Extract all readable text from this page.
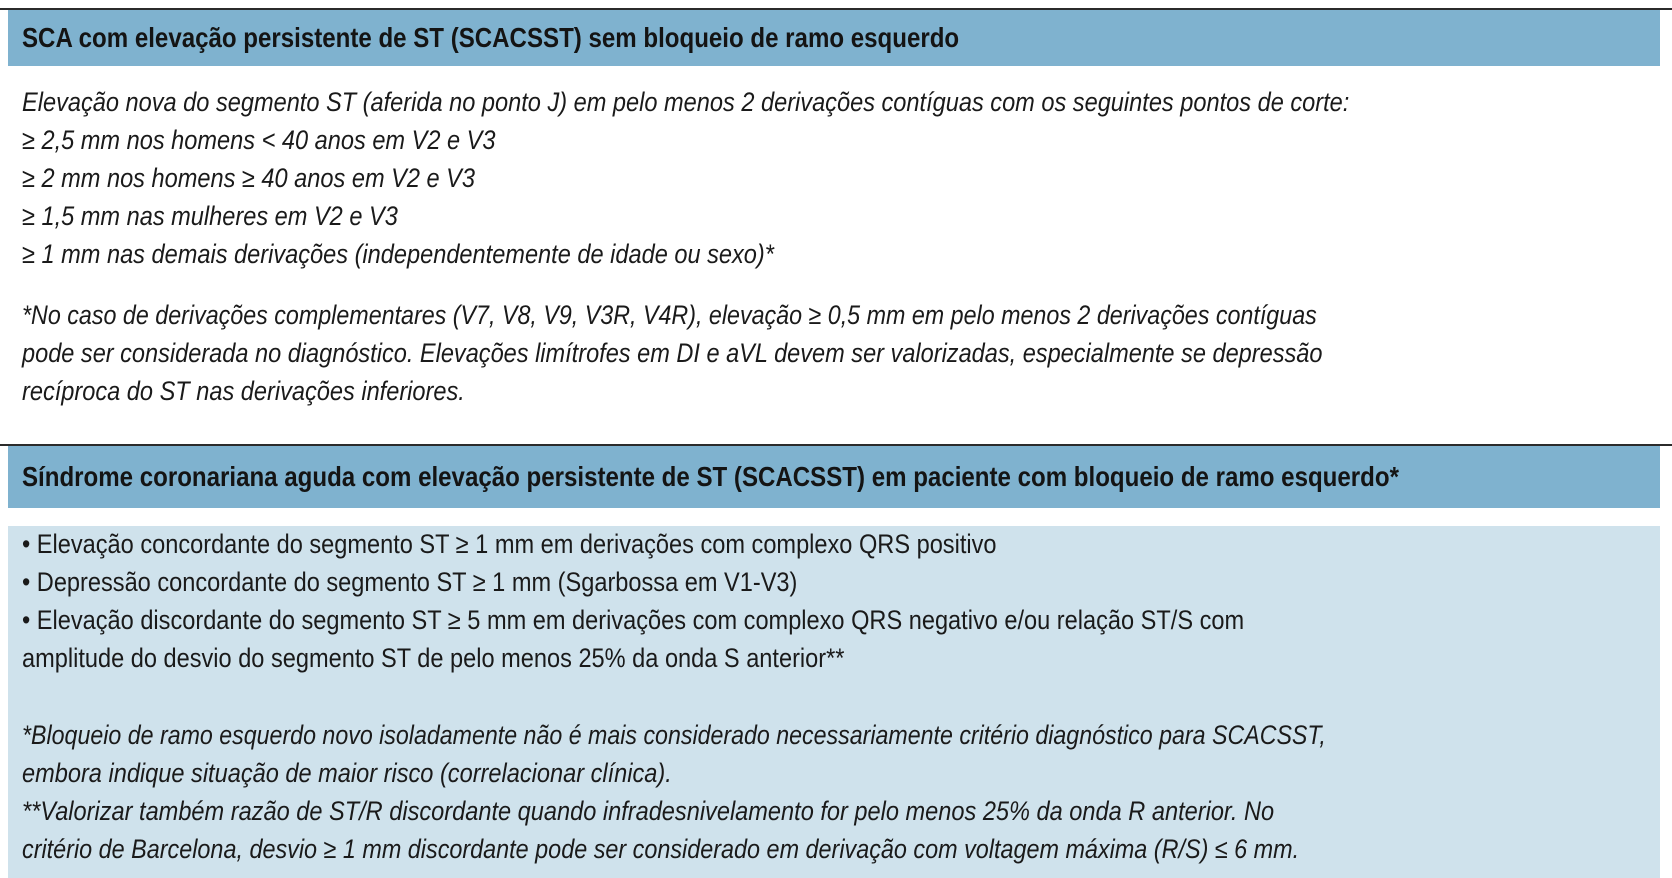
SCA com elevação persistente de ST (SCACSST) sem bloqueio de ramo esquerdo
Elevação nova do segmento ST (aferida no ponto J) em pelo menos 2 derivações contíguas com os seguintes pontos de corte:
≥ 2,5 mm nos homens < 40 anos em V2 e V3
≥ 2 mm nos homens ≥ 40 anos em V2 e V3
≥ 1,5 mm nas mulheres em V2 e V3
≥ 1 mm nas demais derivações (independentemente de idade ou sexo)*
*No caso de derivações complementares (V7, V8, V9, V3R, V4R), elevação ≥ 0,5 mm em pelo menos 2 derivações contíguas
pode ser considerada no diagnóstico. Elevações limítrofes em DI e aVL devem ser valorizadas, especialmente se depressão
recíproca do ST nas derivações inferiores.
Síndrome coronariana aguda com elevação persistente de ST (SCACSST) em paciente com bloqueio de ramo esquerdo*
• Elevação concordante do segmento ST ≥ 1 mm em derivações com complexo QRS positivo
• Depressão concordante do segmento ST ≥ 1 mm (Sgarbossa em V1-V3)
• Elevação discordante do segmento ST ≥ 5 mm em derivações com complexo QRS negativo e/ou relação ST/S com
amplitude do desvio do segmento ST de pelo menos 25% da onda S anterior**
*Bloqueio de ramo esquerdo novo isoladamente não é mais considerado necessariamente critério diagnóstico para SCACSST,
embora indique situação de maior risco (correlacionar clínica).
**Valorizar também razão de ST/R discordante quando infradesnivelamento for pelo menos 25% da onda R anterior. No
critério de Barcelona, desvio ≥ 1 mm discordante pode ser considerado em derivação com voltagem máxima (R/S) ≤ 6 mm.
